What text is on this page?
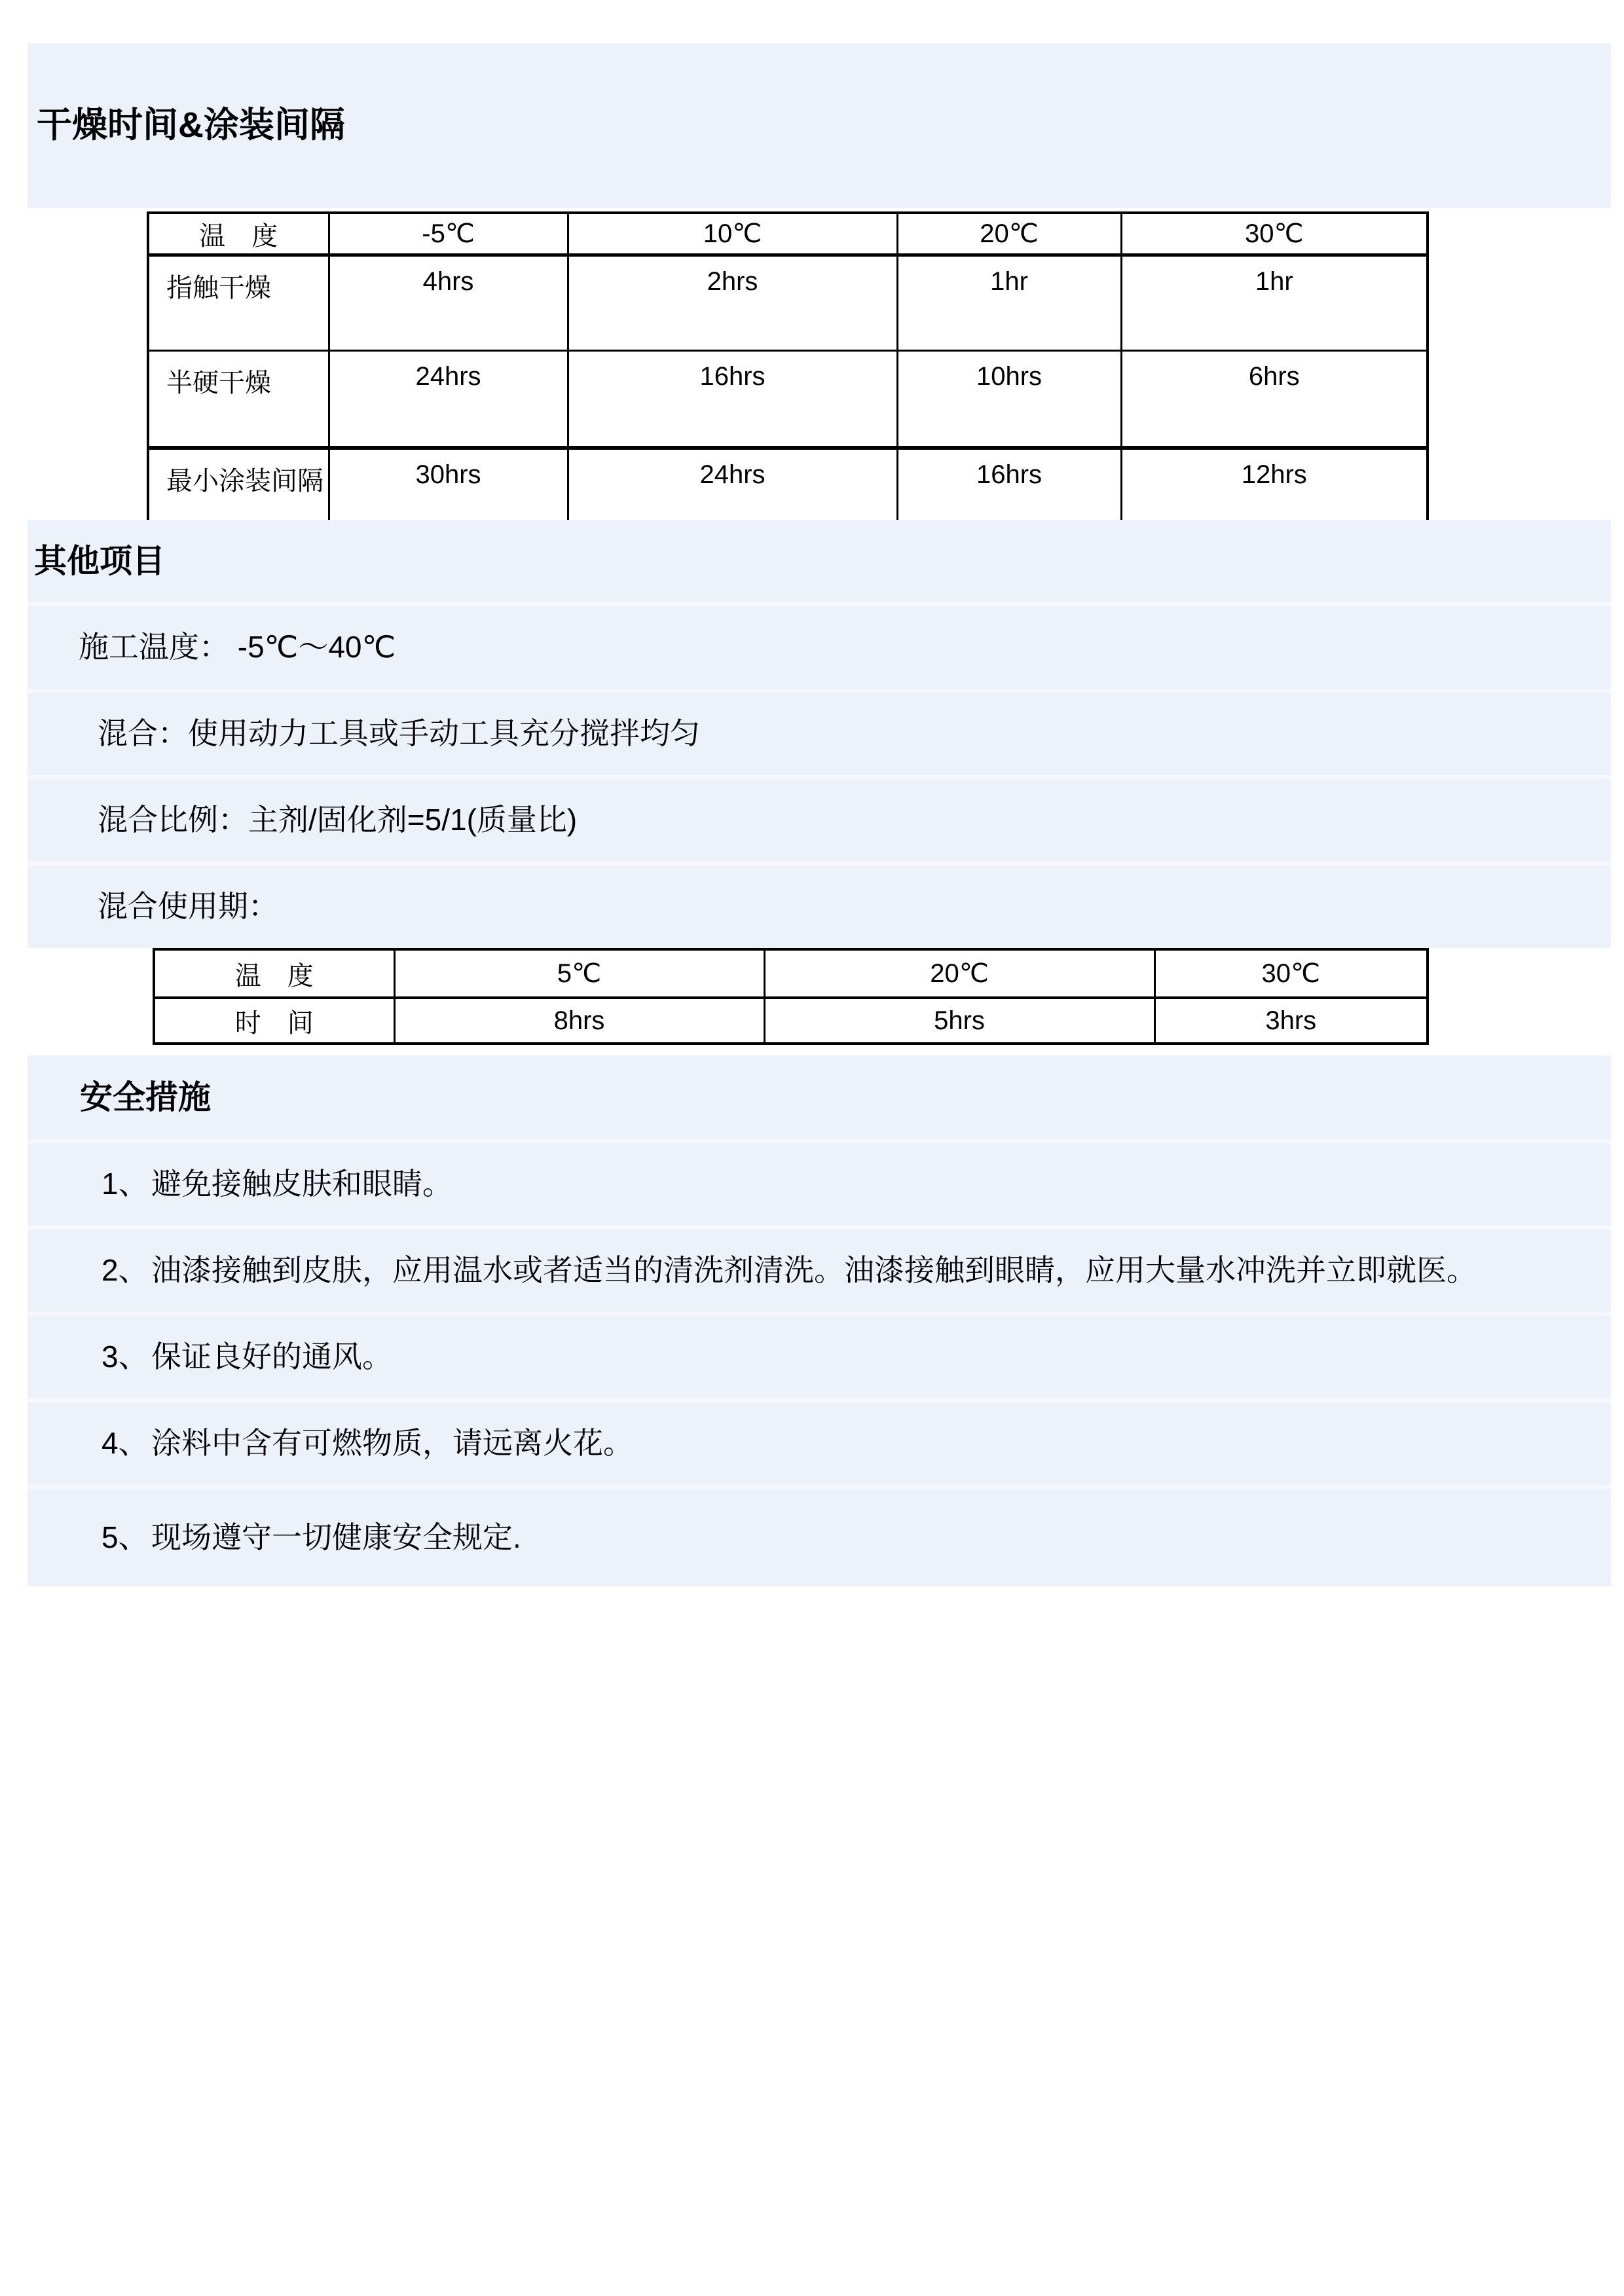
干燥时间&涂装间隔
温　度	-5℃	10℃	20℃	30℃
指触干燥	4hrs	2hrs	1hr	1hr
半硬干燥	24hrs	16hrs	10hrs	6hrs
最小涂装间隔	30hrs	24hrs	16hrs	12hrs
其他项目
施工温度： -5℃～40℃
混合：使用动力工具或手动工具充分搅拌均匀
混合比例：主剂/固化剂=5/1(质量比)
混合使用期：
温　度	5℃	20℃	30℃
时　间	8hrs	5hrs	3hrs
安全措施
1、 避免接触皮肤和眼睛。
2、 油漆接触到皮肤，应用温水或者适当的清洗剂清洗。油漆接触到眼睛，应用大量水冲洗并立即就医。
3、 保证良好的通风。
4、 涂料中含有可燃物质，请远离火花。
5、 现场遵守一切健康安全规定.
